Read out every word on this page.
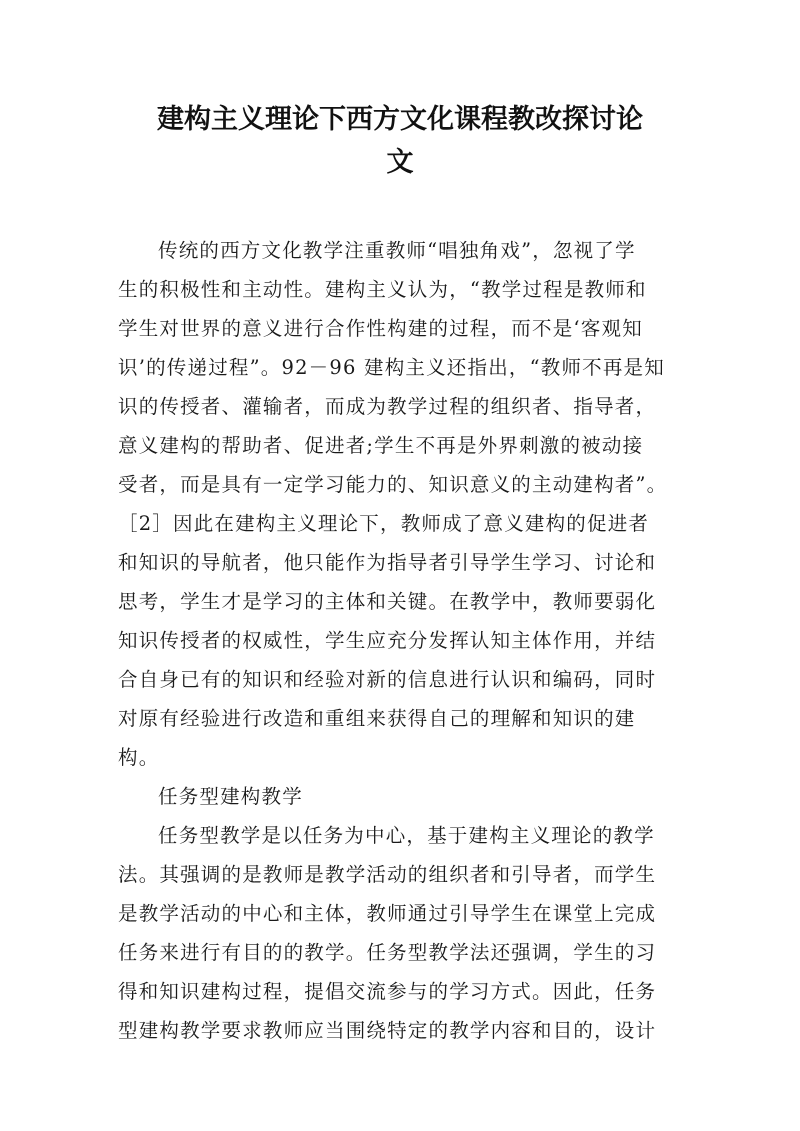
建构主义理论下西方文化课程教改探讨论
文
传统的西方文化教学注重教师“唱独角戏”，忽视了学
生的积极性和主动性。建构主义认为，“教学过程是教师和
学生对世界的意义进行合作性构建的过程，而不是‘客观知
识’的传递过程”。92－96 建构主义还指出，“教师不再是知
识的传授者、灌输者，而成为教学过程的组织者、指导者，
意义建构的帮助者、促进者;学生不再是外界刺激的被动接
受者，而是具有一定学习能力的、知识意义的主动建构者”。
［2］因此在建构主义理论下，教师成了意义建构的促进者
和知识的导航者，他只能作为指导者引导学生学习、讨论和
思考，学生才是学习的主体和关键。在教学中，教师要弱化
知识传授者的权威性，学生应充分发挥认知主体作用，并结
合自身已有的知识和经验对新的信息进行认识和编码，同时
对原有经验进行改造和重组来获得自己的理解和知识的建
构。
任务型建构教学
任务型教学是以任务为中心，基于建构主义理论的教学
法。其强调的是教师是教学活动的组织者和引导者，而学生
是教学活动的中心和主体，教师通过引导学生在课堂上完成
任务来进行有目的的教学。任务型教学法还强调，学生的习
得和知识建构过程，提倡交流参与的学习方式。因此，任务
型建构教学要求教师应当围绕特定的教学内容和目的，设计
